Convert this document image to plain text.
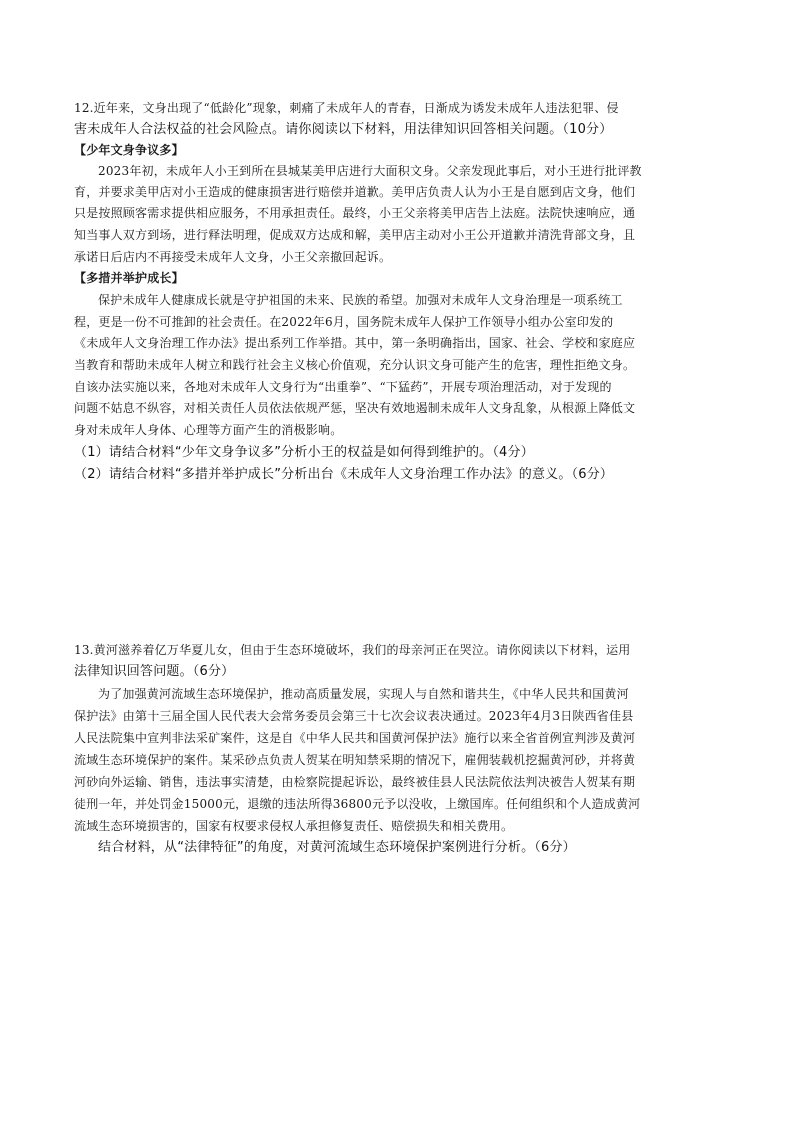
12.近年来，文身出现了“低龄化”现象，刺痛了未成年人的青春，日渐成为诱发未成年人违法犯罪、侵
害未成年人合法权益的社会风险点。请你阅读以下材料，用法律知识回答相关问题。（10分）
【少年文身争议多】
2023年初，未成年人小王到所在县城某美甲店进行大面积文身。父亲发现此事后，对小王进行批评教
育，并要求美甲店对小王造成的健康损害进行赔偿并道歉。美甲店负责人认为小王是自愿到店文身，他们
只是按照顾客需求提供相应服务，不用承担责任。最终，小王父亲将美甲店告上法庭。法院快速响应，通
知当事人双方到场，进行释法明理，促成双方达成和解，美甲店主动对小王公开道歉并清洗背部文身，且
承诺日后店内不再接受未成年人文身，小王父亲撤回起诉。
【多措并举护成长】
保护未成年人健康成长就是守护祖国的未来、民族的希望。加强对未成年人文身治理是一项系统工
程，更是一份不可推卸的社会责任。在2022年6月，国务院未成年人保护工作领导小组办公室印发的
《未成年人文身治理工作办法》提出系列工作举措。其中，第一条明确指出，国家、社会、学校和家庭应
当教育和帮助未成年人树立和践行社会主义核心价值观，充分认识文身可能产生的危害，理性拒绝文身。
自该办法实施以来，各地对未成年人文身行为“出重拳”、“下猛药”，开展专项治理活动，对于发现的
问题不姑息不纵容，对相关责任人员依法依规严惩，坚决有效地遏制未成年人文身乱象，从根源上降低文
身对未成年人身体、心理等方面产生的消极影响。
（1）请结合材料“少年文身争议多”分析小王的权益是如何得到维护的。（4分）
（2）请结合材料“多措并举护成长”分析出台《未成年人文身治理工作办法》的意义。（6分）
13.黄河滋养着亿万华夏儿女，但由于生态环境破坏，我们的母亲河正在哭泣。请你阅读以下材料，运用
法律知识回答问题。（6分）
为了加强黄河流域生态环境保护，推动高质量发展，实现人与自然和谐共生，《中华人民共和国黄河
保护法》由第十三届全国人民代表大会常务委员会第三十七次会议表决通过。2023年4月3日陕西省佳县
人民法院集中宣判非法采矿案件，这是自《中华人民共和国黄河保护法》施行以来全省首例宣判涉及黄河
流域生态环境保护的案件。某采砂点负责人贺某在明知禁采期的情况下，雇佣装载机挖掘黄河砂，并将黄
河砂向外运输、销售，违法事实清楚，由检察院提起诉讼，最终被佳县人民法院依法判决被告人贺某有期
徒刑一年，并处罚金15000元，退缴的违法所得36800元予以没收，上缴国库。任何组织和个人造成黄河
流域生态环境损害的，国家有权要求侵权人承担修复责任、赔偿损失和相关费用。
结合材料，从“法律特征”的角度，对黄河流域生态环境保护案例进行分析。（6分）
